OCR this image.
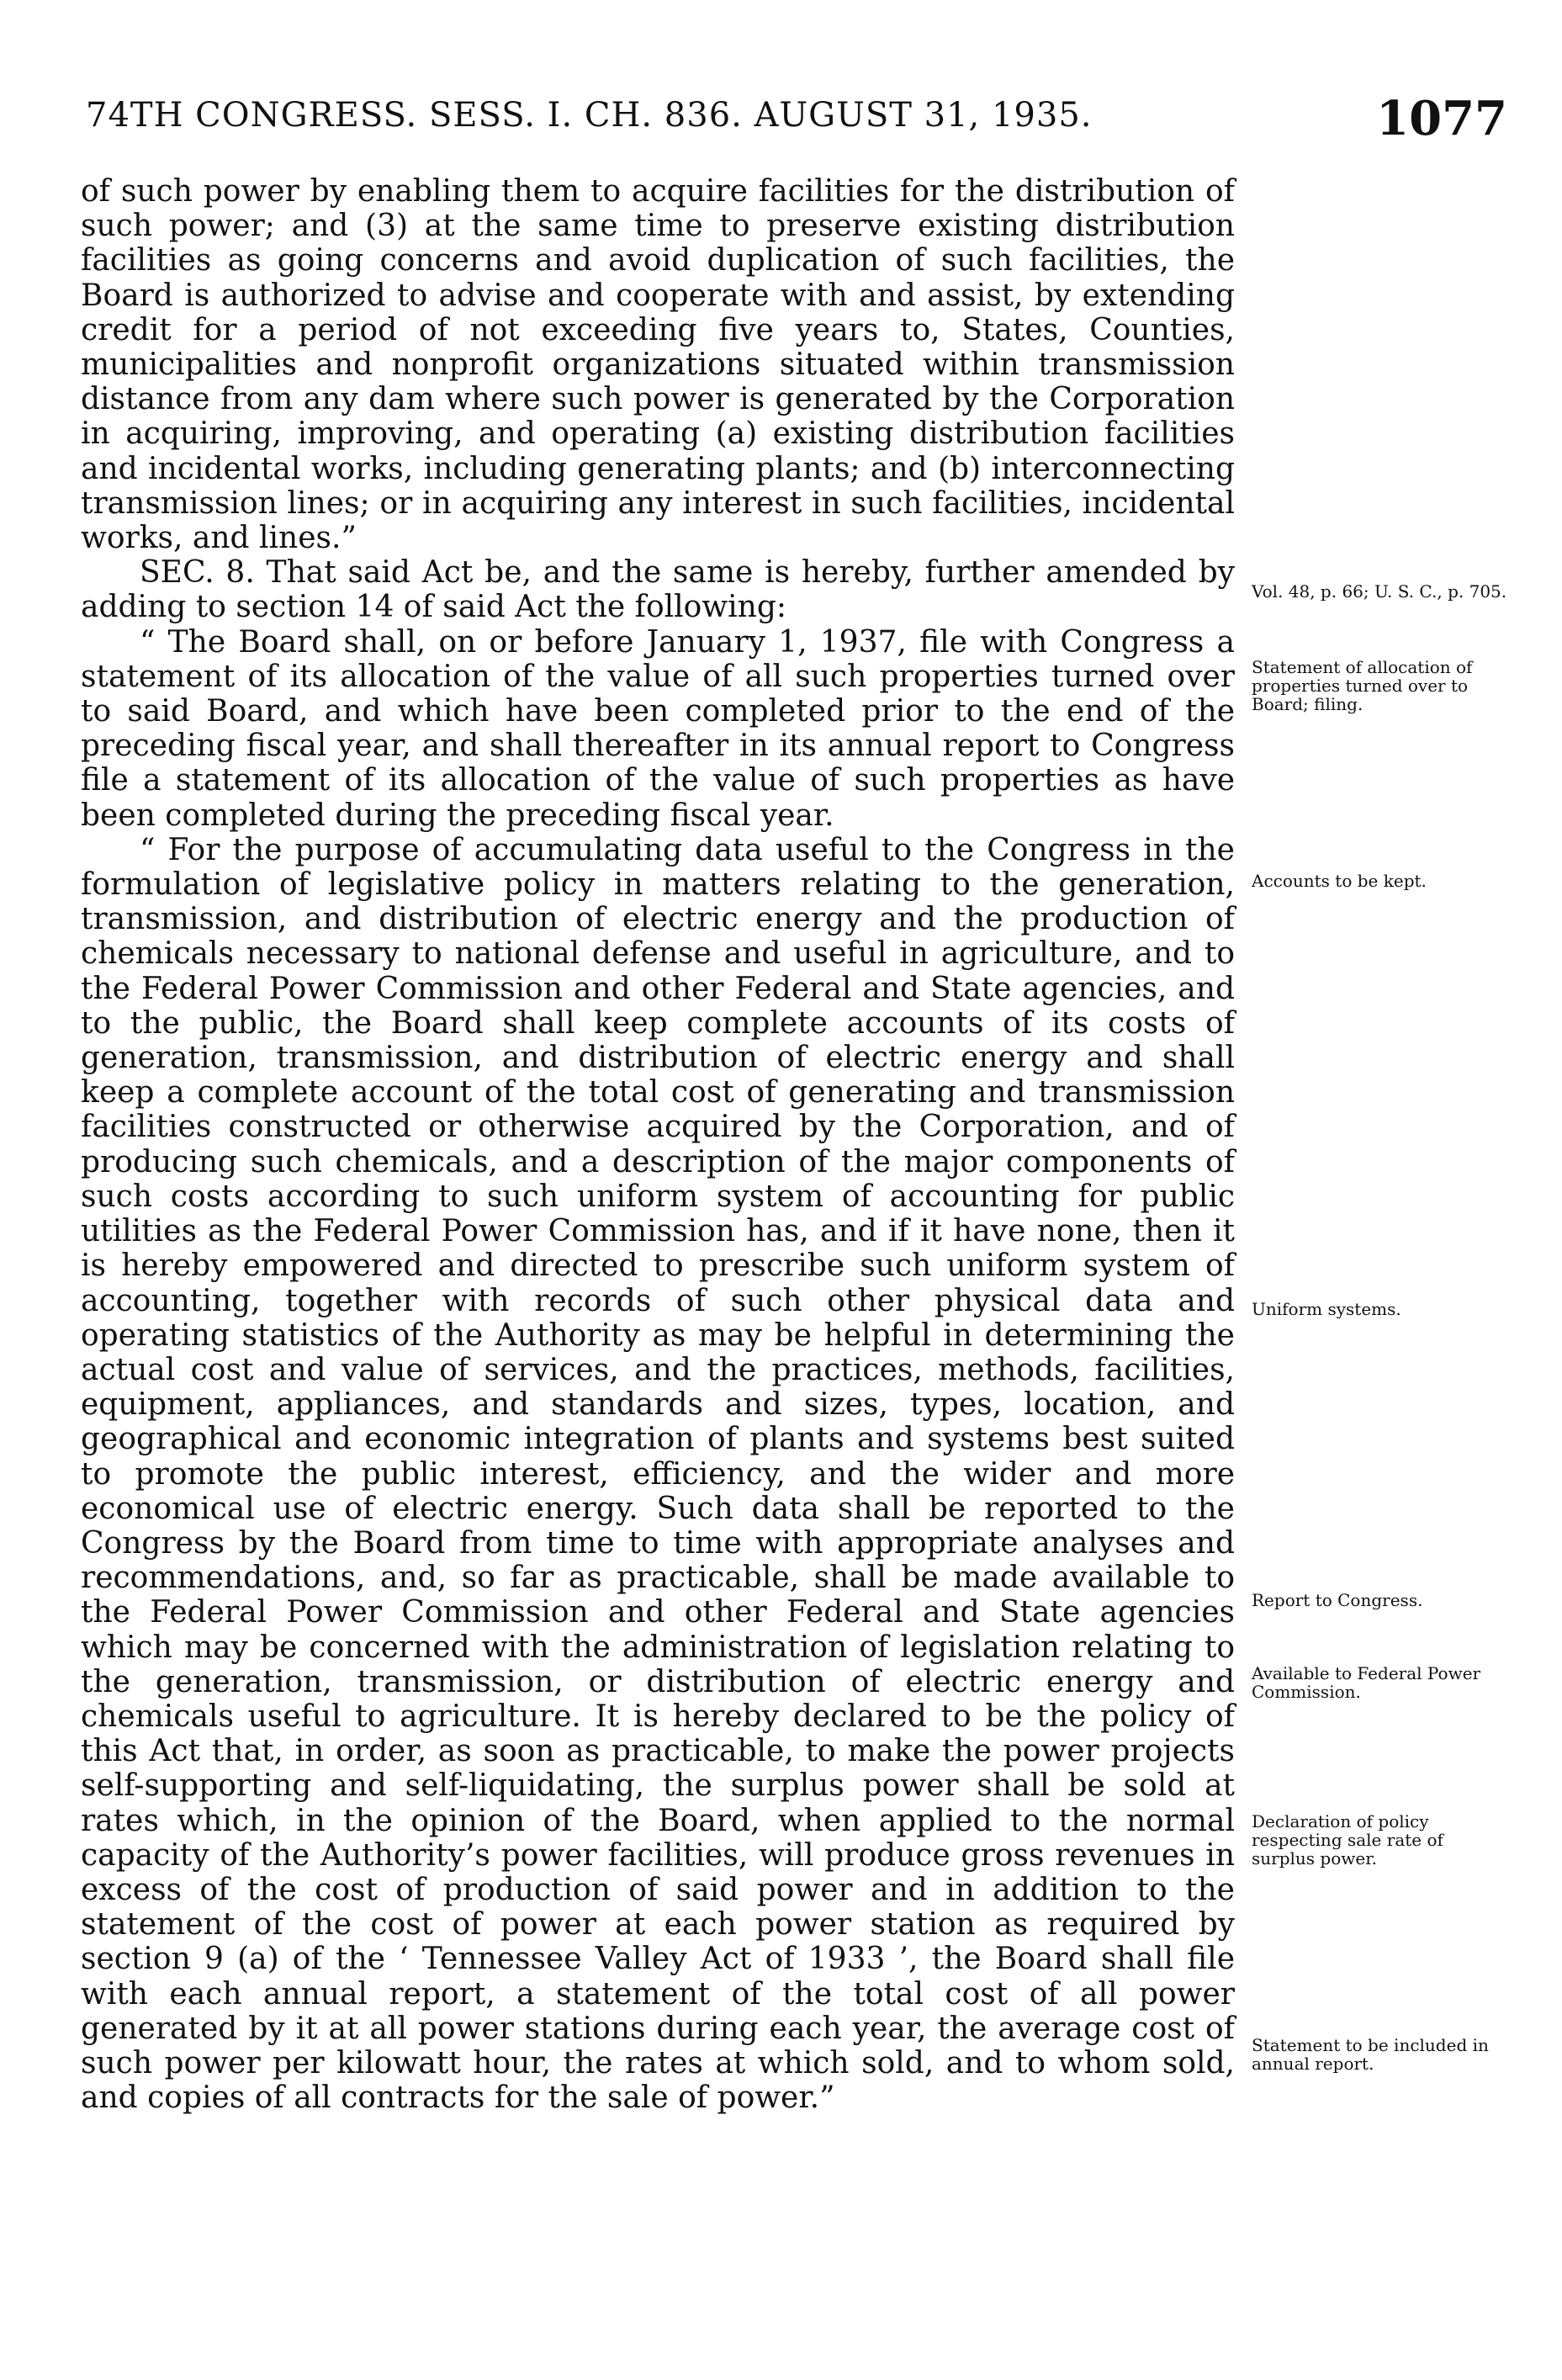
74TH CONGRESS. SESS. I. CH. 836. AUGUST 31, 1935.	1077

of such power by enabling them to acquire facilities for the distribution of such power; and (3) at the same time to preserve existing distribution facilities as going concerns and avoid duplication of such facilities, the Board is authorized to advise and cooperate with and assist, by extending credit for a period of not exceeding five years to, States, Counties, municipalities and nonprofit organizations situated within transmission distance from any dam where such power is generated by the Corporation in acquiring, improving, and operating (a) existing distribution facilities and incidental works, including generating plants; and (b) interconnecting transmission lines; or in acquiring any interest in such facilities, incidental works, and lines.”

SEC. 8. That said Act be, and the same is hereby, further amended by adding to section 14 of said Act the following:

“ The Board shall, on or before January 1, 1937, file with Congress a statement of its allocation of the value of all such properties turned over to said Board, and which have been completed prior to the end of the preceding fiscal year, and shall thereafter in its annual report to Congress file a statement of its allocation of the value of such properties as have been completed during the preceding fiscal year.

“ For the purpose of accumulating data useful to the Congress in the formulation of legislative policy in matters relating to the generation, transmission, and distribution of electric energy and the production of chemicals necessary to national defense and useful in agriculture, and to the Federal Power Commission and other Federal and State agencies, and to the public, the Board shall keep complete accounts of its costs of generation, transmission, and distribution of electric energy and shall keep a complete account of the total cost of generating and transmission facilities constructed or otherwise acquired by the Corporation, and of producing such chemicals, and a description of the major components of such costs according to such uniform system of accounting for public utilities as the Federal Power Commission has, and if it have none, then it is hereby empowered and directed to prescribe such uniform system of accounting, together with records of such other physical data and operating statistics of the Authority as may be helpful in determining the actual cost and value of services, and the practices, methods, facilities, equipment, appliances, and standards and sizes, types, location, and geographical and economic integration of plants and systems best suited to promote the public interest, efficiency, and the wider and more economical use of electric energy. Such data shall be reported to the Congress by the Board from time to time with appropriate analyses and recommendations, and, so far as practicable, shall be made available to the Federal Power Commission and other Federal and State agencies which may be concerned with the administration of legislation relating to the generation, transmission, or distribution of electric energy and chemicals useful to agriculture. It is hereby declared to be the policy of this Act that, in order, as soon as practicable, to make the power projects self-supporting and self-liquidating, the surplus power shall be sold at rates which, in the opinion of the Board, when applied to the normal capacity of the Authority’s power facilities, will produce gross revenues in excess of the cost of production of said power and in addition to the statement of the cost of power at each power station as required by section 9 (a) of the ‘ Tennessee Valley Act of 1933 ’, the Board shall file with each annual report, a statement of the total cost of all power generated by it at all power stations during each year, the average cost of such power per kilowatt hour, the rates at which sold, and to whom sold, and copies of all contracts for the sale of power.”

Vol. 48, p. 66; U. S. C., p. 705.
Statement of allocation of properties turned over to Board; filing.
Accounts to be kept.
Uniform systems.
Report to Congress.
Available to Federal Power Commission.
Declaration of policy respecting sale rate of surplus power.
Statement to be included in annual report.
